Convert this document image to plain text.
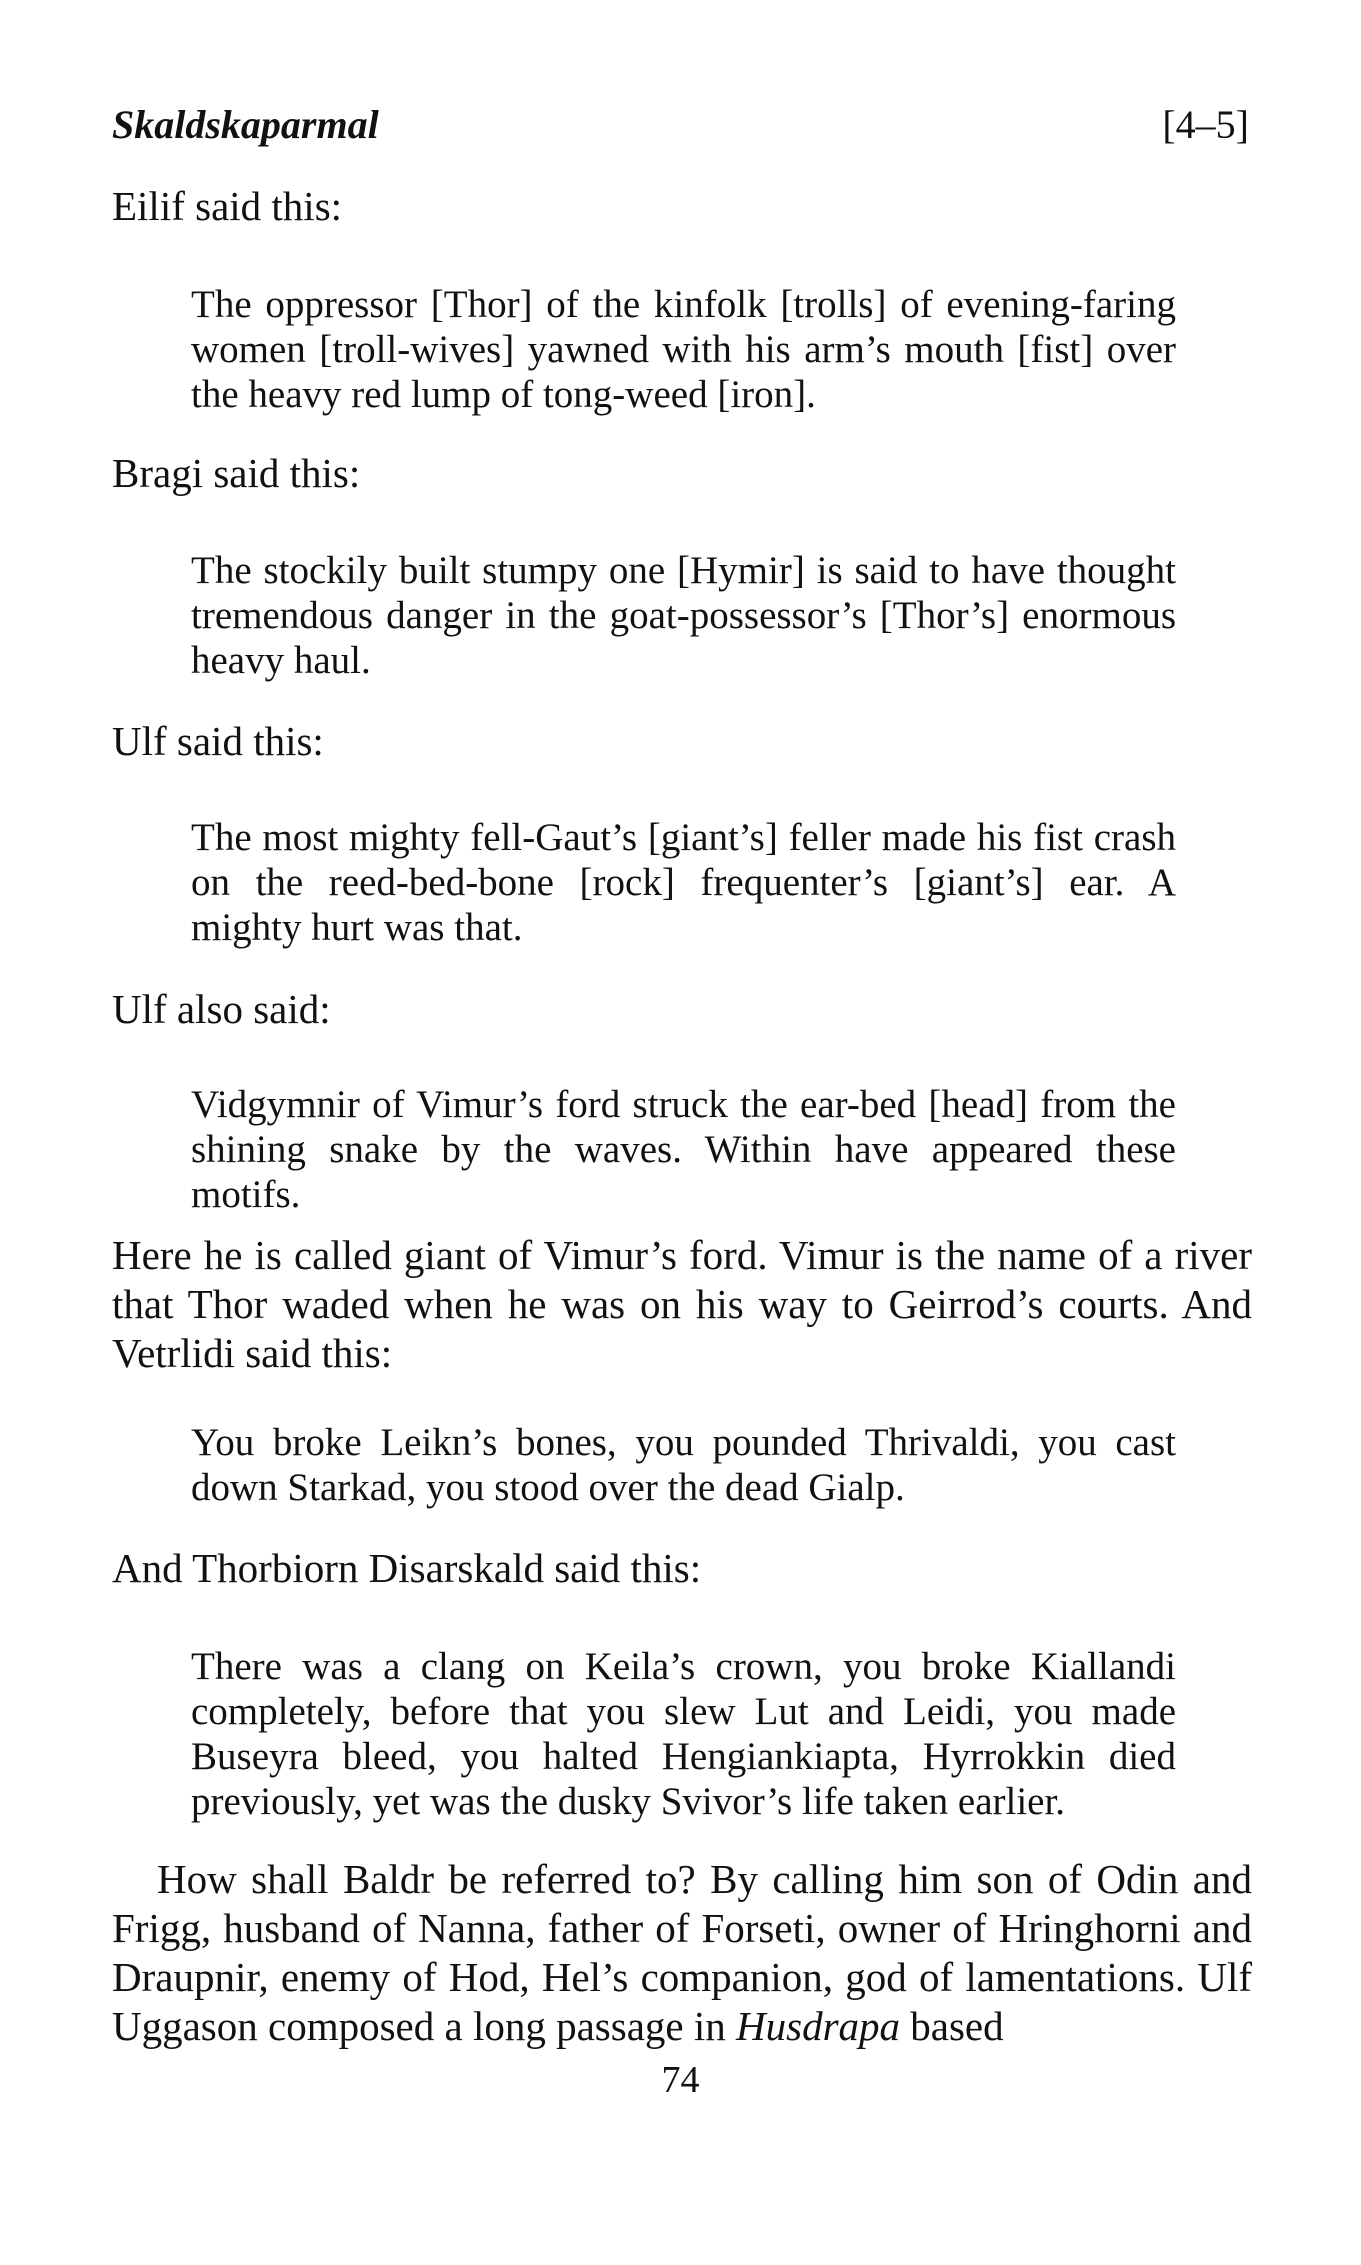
Skaldskaparmal	[4–5]

Eilif said this:

The oppressor [Thor] of the kinfolk [trolls] of evening-faring women [troll-wives] yawned with his arm’s mouth [fist] over the heavy red lump of tong-weed [iron].

Bragi said this:

The stockily built stumpy one [Hymir] is said to have thought tremendous danger in the goat-possessor’s [Thor’s] enormous heavy haul.

Ulf said this:

The most mighty fell-Gaut’s [giant’s] feller made his fist crash on the reed-bed-bone [rock] frequenter’s [giant’s] ear. A mighty hurt was that.

Ulf also said:

Vidgymnir of Vimur’s ford struck the ear-bed [head] from the shining snake by the waves. Within have appeared these motifs.

Here he is called giant of Vimur’s ford. Vimur is the name of a river that Thor waded when he was on his way to Geirrod’s courts. And Vetrlidi said this:

You broke Leikn’s bones, you pounded Thrivaldi, you cast down Starkad, you stood over the dead Gialp.

And Thorbiorn Disarskald said this:

There was a clang on Keila’s crown, you broke Kiallandi completely, before that you slew Lut and Leidi, you made Buseyra bleed, you halted Hengiankiapta, Hyrrokkin died previously, yet was the dusky Svivor’s life taken earlier.

How shall Baldr be referred to? By calling him son of Odin and Frigg, husband of Nanna, father of Forseti, owner of Hringhorni and Draupnir, enemy of Hod, Hel’s companion, god of lamentations. Ulf Uggason composed a long passage in Husdrapa based

74
